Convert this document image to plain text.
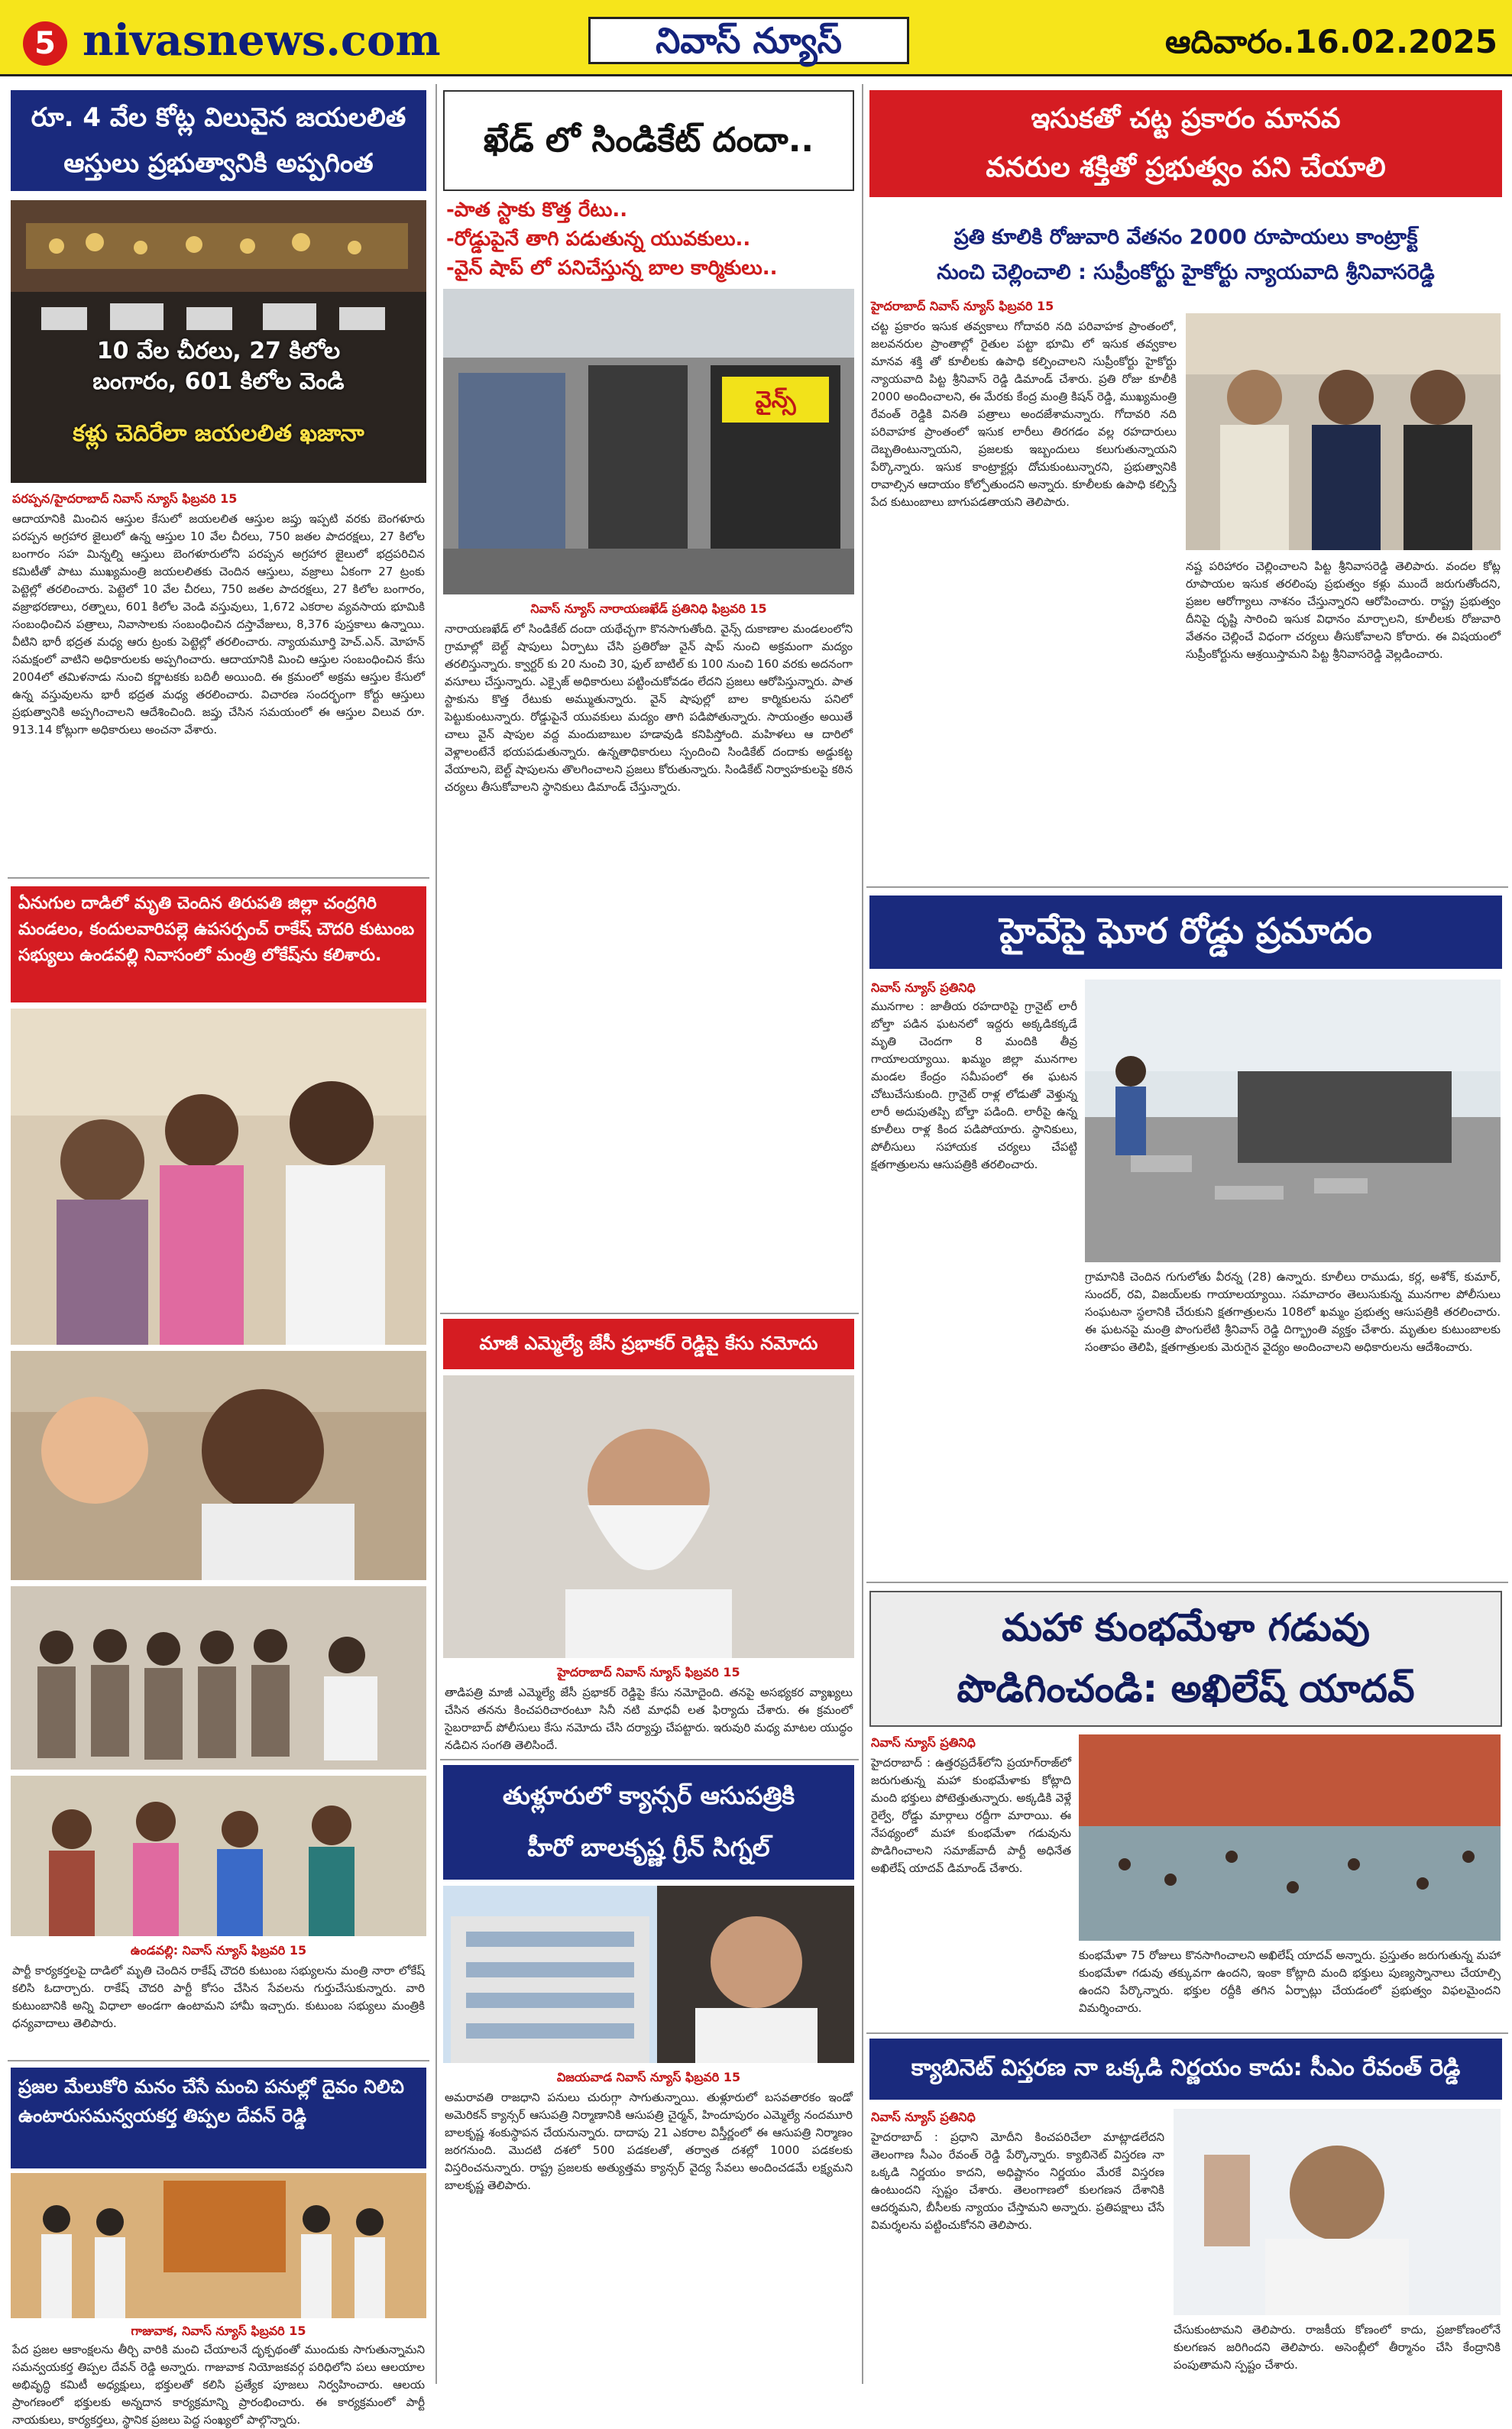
5 nivasnews.com	నివాస్ న్యూస్	ఆదివారం.16.02.2025
రూ. 4 వేల కోట్ల విలువైన జయలలిత
ఆస్తులు ప్రభుత్వానికి అప్పగింత
10 వేల చీరలు, 27 కిలోల
బంగారం, 601 కిలోల వెండి
కళ్లు చెదిరేలా జయలలిత ఖజానా
పరప్పన/హైదరాబాద్ నివాస్ న్యూస్ ఫిబ్రవరి 15
ఆదాయానికి మించిన ఆస్తుల కేసులో జయలలిత ఆస్తుల జప్తు ఇప్పటి వరకు బెంగళూరు పరప్పన అగ్రహార జైలులో ఉన్న ఆస్తుల 10 వేల చీరలు, 750 జతల పాదరక్షలు, 27 కిలోల బంగారం సహ మిన్నల్ని ఆస్తులు బెంగళూరులోని పరప్పన అగ్రహార జైలులో భద్రపరిచిన కమిటీతో పాటు ముఖ్యమంత్రి జయలలితకు చెందిన ఆస్తులు, వజ్రాలు ఏకంగా 27 ట్రంకు పెట్టెల్లో తరలించారు. పెట్టెలో 10 వేల చీరలు, 750 జతల పాదరక్షలు, 27 కిలోల బంగారం, వజ్రాభరణాలు, రత్నాలు, 601 కిలోల వెండి వస్తువులు, 1,672 ఎకరాల వ్యవసాయ భూమికి సంబంధించిన పత్రాలు, నివాసాలకు సంబంధించిన దస్తావేజులు, 8,376 పుస్తకాలు ఉన్నాయి. వీటిని భారీ భద్రత మధ్య ఆరు ట్రంకు పెట్టెల్లో తరలించారు. న్యాయమూర్తి హెచ్.ఎన్. మోహన్ సమక్షంలో వాటిని అధికారులకు అప్పగించారు. ఆదాయానికి మించి ఆస్తుల సంబంధించిన కేసు 2004లో తమిళనాడు నుంచి కర్ణాటకకు బదిలీ అయింది. ఈ క్రమంలో అక్రమ ఆస్తుల కేసులో ఉన్న వస్తువులను భారీ భద్రత మధ్య తరలించారు. విచారణ సందర్భంగా కోర్టు ఆస్తులు ప్రభుత్వానికి అప్పగించాలని ఆదేశించింది. జప్తు చేసిన సమయంలో ఈ ఆస్తుల విలువ రూ. 913.14 కోట్లుగా అధికారులు అంచనా వేశారు.
ఏనుగుల దాడిలో మృతి చెందిన తిరుపతి జిల్లా చంద్రగిరి మండలం, కందులవారిపల్లె ఉపసర్పంచ్ రాకేష్ చౌదరి కుటుంబ సభ్యులు ఉండవల్లి నివాసంలో మంత్రి లోకేష్‌ను కలిశారు.
ఉండవల్లి: నివాస్ న్యూస్ ఫిబ్రవరి 15
పార్టీ కార్యకర్తలపై దాడిలో మృతి చెందిన రాకేష్ చౌదరి కుటుంబ సభ్యులను మంత్రి నారా లోకేష్ కలిసి ఓదార్చారు. రాకేష్ చౌదరి పార్టీ కోసం చేసిన సేవలను గుర్తుచేసుకున్నారు. వారి కుటుంబానికి అన్ని విధాలా అండగా ఉంటామని హామీ ఇచ్చారు. కుటుంబ సభ్యులు మంత్రికి ధన్యవాదాలు తెలిపారు.
ప్రజల మేలుకోరి మనం చేసే మంచి పనుల్లో దైవం నిలిచి ఉంటారుసమన్వయకర్త తిప్పల దేవన్ రెడ్డి
గాజువాక, నివాస్ న్యూస్ ఫిబ్రవరి 15
పేద ప్రజల ఆకాంక్షలను తీర్చి వారికి మంచి చేయాలనే దృక్పథంతో ముందుకు సాగుతున్నామని సమన్వయకర్త తిప్పల దేవన్ రెడ్డి అన్నారు. గాజువాక నియోజకవర్గ పరిధిలోని పలు ఆలయాల అభివృద్ధి కమిటీ అధ్యక్షులు, భక్తులతో కలిసి ప్రత్యేక పూజలు నిర్వహించారు. ఆలయ ప్రాంగణంలో భక్తులకు అన్నదాన కార్యక్రమాన్ని ప్రారంభించారు. ఈ కార్యక్రమంలో పార్టీ నాయకులు, కార్యకర్తలు, స్థానిక ప్రజలు పెద్ద సంఖ్యలో పాల్గొన్నారు.
ఖేడ్ లో సిండికేట్ దందా..
-పాత స్టాకు కొత్త రేటు..
-రోడ్డుపైనే తాగి పడుతున్న యువకులు..
-వైన్ షాప్ లో పనిచేస్తున్న బాల కార్మికులు..
వైన్స్
నివాస్ న్యూస్ నారాయణఖేడ్ ప్రతినిధి ఫిబ్రవరి 15
నారాయణఖేడ్ లో సిండికేట్ దందా యథేచ్ఛగా కొనసాగుతోంది. వైన్స్ దుకాణాల మండలంలోని గ్రామాల్లో బెల్ట్ షాపులు ఏర్పాటు చేసి ప్రతిరోజు వైన్ షాప్ నుంచి అక్రమంగా మద్యం తరలిస్తున్నారు. క్వార్టర్ కు 20 నుంచి 30, ఫుల్ బాటిల్ కు 100 నుంచి 160 వరకు అదనంగా వసూలు చేస్తున్నారు. ఎక్సైజ్ అధికారులు పట్టించుకోవడం లేదని ప్రజలు ఆరోపిస్తున్నారు. పాత స్టాకును కొత్త రేటుకు అమ్ముతున్నారు. వైన్ షాపుల్లో బాల కార్మికులను పనిలో పెట్టుకుంటున్నారు. రోడ్డుపైనే యువకులు మద్యం తాగి పడిపోతున్నారు. సాయంత్రం అయితే చాలు వైన్ షాపుల వద్ద మందుబాబుల హడావుడి కనిపిస్తోంది. మహిళలు ఆ దారిలో వెళ్లాలంటేనే భయపడుతున్నారు. ఉన్నతాధికారులు స్పందించి సిండికేట్ దందాకు అడ్డుకట్ట వేయాలని, బెల్ట్ షాపులను తొలగించాలని ప్రజలు కోరుతున్నారు. సిండికేట్ నిర్వాహకులపై కఠిన చర్యలు తీసుకోవాలని స్థానికులు డిమాండ్ చేస్తున్నారు.
మాజీ ఎమ్మెల్యే జేసీ ప్రభాకర్ రెడ్డిపై కేసు నమోదు
హైదరాబాద్ నివాస్ న్యూస్ ఫిబ్రవరి 15
తాడిపత్రి మాజీ ఎమ్మెల్యే జేసీ ప్రభాకర్ రెడ్డిపై కేసు నమోదైంది. తనపై అసభ్యకర వ్యాఖ్యలు చేసిన తనను కించపరిచారంటూ సినీ నటి మాధవీ లత ఫిర్యాదు చేశారు. ఈ క్రమంలో సైబరాబాద్ పోలీసులు కేసు నమోదు చేసి దర్యాప్తు చేపట్టారు. ఇరువురి మధ్య మాటల యుద్ధం నడిచిన సంగతి తెలిసిందే.
తుళ్లూరులో క్యాన్సర్ ఆసుపత్రికి
హీరో బాలకృష్ణ గ్రీన్ సిగ్నల్
విజయవాడ నివాస్ న్యూస్ ఫిబ్రవరి 15
అమరావతి రాజధాని పనులు చురుగ్గా సాగుతున్నాయి. తుళ్లూరులో బసవతారకం ఇండో అమెరికన్ క్యాన్సర్ ఆసుపత్రి నిర్మాణానికి ఆసుపత్రి చైర్మన్, హిందూపురం ఎమ్మెల్యే నందమూరి బాలకృష్ణ శంకుస్థాపన చేయనున్నారు. దాదాపు 21 ఎకరాల విస్తీర్ణంలో ఈ ఆసుపత్రి నిర్మాణం జరగనుంది. మొదటి దశలో 500 పడకలతో, తర్వాత దశల్లో 1000 పడకలకు విస్తరించనున్నారు. రాష్ట్ర ప్రజలకు అత్యుత్తమ క్యాన్సర్ వైద్య సేవలు అందించడమే లక్ష్యమని బాలకృష్ణ తెలిపారు.
ఇసుకతో చట్ట ప్రకారం మానవ
వనరుల శక్తితో ప్రభుత్వం పని చేయాలి
ప్రతి కూలికి రోజువారి వేతనం 2000 రూపాయలు కాంట్రాక్ట్
నుంచి చెల్లించాలి : సుప్రీంకోర్టు హైకోర్టు న్యాయవాది శ్రీనివాసరెడ్డి
హైదరాబాద్ నివాస్ న్యూస్ ఫిబ్రవరి 15
చట్ట ప్రకారం ఇసుక తవ్వకాలు గోదావరి నది పరివాహక ప్రాంతంలో, జలవనరుల ప్రాంతాల్లో రైతుల పట్టా భూమి లో ఇసుక తవ్వకాల మానవ శక్తి తో కూలీలకు ఉపాధి కల్పించాలని సుప్రీంకోర్టు హైకోర్టు న్యాయవాది పిట్ట శ్రీనివాస్ రెడ్డి డిమాండ్ చేశారు. ప్రతి రోజు కూలీకి 2000 అందించాలని, ఈ మేరకు కేంద్ర మంత్రి కిషన్ రెడ్డి, ముఖ్యమంత్రి రేవంత్ రెడ్డికి వినతి పత్రాలు అందజేశామన్నారు. గోదావరి నది పరివాహక ప్రాంతంలో ఇసుక లారీలు తిరగడం వల్ల రహదారులు దెబ్బతింటున్నాయని, ప్రజలకు ఇబ్బందులు కలుగుతున్నాయని పేర్కొన్నారు. ఇసుక కాంట్రాక్టర్లు దోచుకుంటున్నారని, ప్రభుత్వానికి రావాల్సిన ఆదాయం కోల్పోతుందని అన్నారు. కూలీలకు ఉపాధి కల్పిస్తే పేద కుటుంబాలు బాగుపడతాయని తెలిపారు.
నష్ట పరిహారం చెల్లించాలని పిట్ట శ్రీనివాసరెడ్డి తెలిపారు. వందల కోట్ల రూపాయల ఇసుక తరలింపు ప్రభుత్వం కళ్లు ముందే జరుగుతోందని, ప్రజల ఆరోగ్యాలు నాశనం చేస్తున్నారని ఆరోపించారు. రాష్ట్ర ప్రభుత్వం దీనిపై దృష్టి సారించి ఇసుక విధానం మార్చాలని, కూలీలకు రోజువారి వేతనం చెల్లించే విధంగా చర్యలు తీసుకోవాలని కోరారు. ఈ విషయంలో సుప్రీంకోర్టును ఆశ్రయిస్తామని పిట్ట శ్రీనివాసరెడ్డి వెల్లడించారు.
హైవేపై ఘోర రోడ్డు ప్రమాదం
నివాస్ న్యూస్ ప్రతినిధి
మునగాల : జాతీయ రహదారిపై గ్రానైట్ లారీ బోల్తా పడిన ఘటనలో ఇద్దరు అక్కడికక్కడే మృతి చెందగా 8 మందికి తీవ్ర గాయాలయ్యాయి. ఖమ్మం జిల్లా మునగాల మండల కేంద్రం సమీపంలో ఈ ఘటన చోటుచేసుకుంది. గ్రానైట్ రాళ్ల లోడుతో వెళ్తున్న లారీ అదుపుతప్పి బోల్తా పడింది. లారీపై ఉన్న కూలీలు రాళ్ల కింద పడిపోయారు. స్థానికులు, పోలీసులు సహాయక చర్యలు చేపట్టి క్షతగాత్రులను ఆసుపత్రికి తరలించారు.
గ్రామానికి చెందిన గుగులోతు వీరన్న (28) ఉన్నారు. కూలీలు రాముడు, కర్ల, అశోక్, కుమార్, సుందర్, రవి, విజయ్‌లకు గాయాలయ్యాయి. సమాచారం తెలుసుకున్న మునగాల పోలీసులు సంఘటనా స్థలానికి చేరుకుని క్షతగాత్రులను 108లో ఖమ్మం ప్రభుత్వ ఆసుపత్రికి తరలించారు. ఈ ఘటనపై మంత్రి పొంగులేటి శ్రీనివాస్ రెడ్డి దిగ్భ్రాంతి వ్యక్తం చేశారు. మృతుల కుటుంబాలకు సంతాపం తెలిపి, క్షతగాత్రులకు మెరుగైన వైద్యం అందించాలని అధికారులను ఆదేశించారు.
మహా కుంభమేళా గడువు
పొడిగించండి: అఖిలేష్ యాదవ్
నివాస్ న్యూస్ ప్రతినిధి
హైదరాబాద్ : ఉత్తరప్రదేశ్‌లోని ప్రయాగ్‌రాజ్‌లో జరుగుతున్న మహా కుంభమేళాకు కోట్లాది మంది భక్తులు పోటెత్తుతున్నారు. అక్కడికి వెళ్లే రైల్వే, రోడ్డు మార్గాలు రద్దీగా మారాయి. ఈ నేపథ్యంలో మహా కుంభమేళా గడువును పొడిగించాలని సమాజ్‌వాదీ పార్టీ అధినేత అఖిలేష్ యాదవ్ డిమాండ్ చేశారు.
కుంభమేళా 75 రోజులు కొనసాగించాలని అఖిలేష్ యాదవ్ అన్నారు. ప్రస్తుతం జరుగుతున్న మహా కుంభమేళా గడువు తక్కువగా ఉందని, ఇంకా కోట్లాది మంది భక్తులు పుణ్యస్నానాలు చేయాల్సి ఉందని పేర్కొన్నారు. భక్తుల రద్దీకి తగిన ఏర్పాట్లు చేయడంలో ప్రభుత్వం విఫలమైందని విమర్శించారు.
క్యాబినెట్ విస్తరణ నా ఒక్కడి నిర్ణయం కాదు: సీఎం రేవంత్ రెడ్డి
నివాస్ న్యూస్ ప్రతినిధి
హైదరాబాద్ : ప్రధాని మోదీని కించపరిచేలా మాట్లాడలేదని తెలంగాణ సీఎం రేవంత్ రెడ్డి పేర్కొన్నారు. క్యాబినెట్ విస్తరణ నా ఒక్కడి నిర్ణయం కాదని, అధిష్టానం నిర్ణయం మేరకే విస్తరణ ఉంటుందని స్పష్టం చేశారు. తెలంగాణలో కులగణన దేశానికి ఆదర్శమని, బీసీలకు న్యాయం చేస్తామని అన్నారు. ప్రతిపక్షాలు చేసే విమర్శలను పట్టించుకోనని తెలిపారు.
చేసుకుంటామని తెలిపారు. రాజకీయ కోణంలో కాదు, ప్రజాకోణంలోనే కులగణన జరిగిందని తెలిపారు. అసెంబ్లీలో తీర్మానం చేసి కేంద్రానికి పంపుతామని స్పష్టం చేశారు.
